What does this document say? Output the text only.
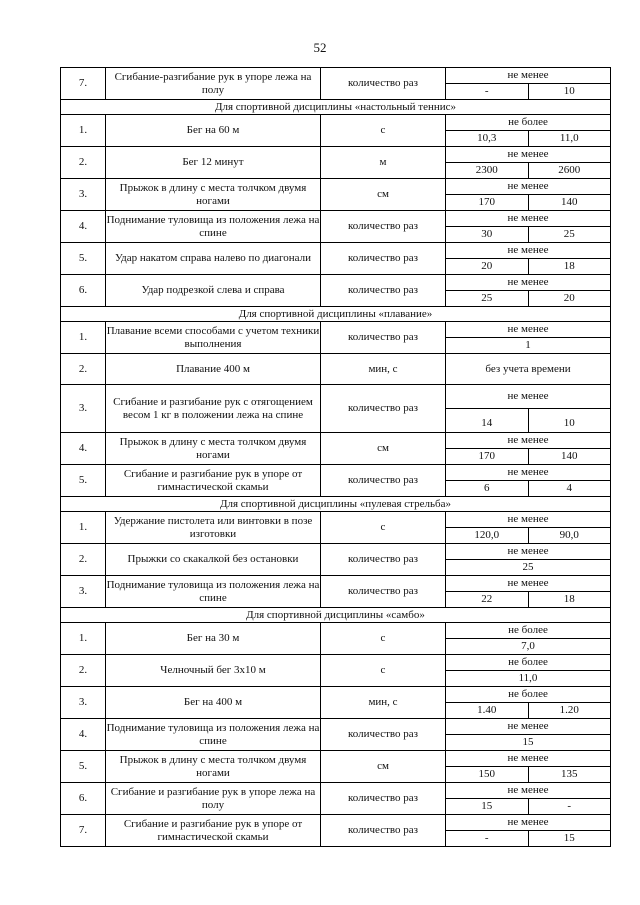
52
7.	Сгибание-разгибание рук в упоре лежа на полу	количество раз	не менее
- 10

Для спортивной дисциплины «настольный теннис»			
1.	Бег на 60 м	с	не более
10,3 11,0

2.	Бег 12 минут	м	не менее
2300 2600

3.	Прыжок в длину с места толчком двумя ногами	см	не менее
170 140

4.	Поднимание туловища из положения лежа на спине	количество раз	не менее
30 25

5.	Удар накатом справа налево по диагонали	количество раз	не менее
20 18

6.	Удар подрезкой слева и справа	количество раз	не менее
25 20

Для спортивной дисциплины «плавание»			
1.	Плавание всеми способами с учетом техники выполнения	количество раз	не менее
1

2.	Плавание 400 м	мин, с	без учета времени

3.	Сгибание и разгибание рук с отягощением весом 1 кг в положении лежа на спине	количество раз	не менее
14 10

4.	Прыжок в длину с места толчком двумя ногами	см	не менее
170 140

5.	Сгибание и разгибание рук в упоре от гимнастической скамьи	количество раз	не менее
6 4

Для спортивной дисциплины «пулевая стрельба»			
1.	Удержание пистолета или винтовки в позе изготовки	с	не менее
120,0 90,0

2.	Прыжки со скакалкой без остановки	количество раз	не менее
25

3.	Поднимание туловища из положения лежа на спине	количество раз	не менее
22 18

Для спортивной дисциплины «самбо»			
1.	Бег на 30 м	с	не более
7,0

2.	Челночный бег 3х10 м	с	не более
11,0

3.	Бег на 400 м	мин, с	не более
1.40 1.20

4.	Поднимание туловища из положения лежа на спине	количество раз	не менее
15

5.	Прыжок в длину с места толчком двумя ногами	см	не менее
150 135

6.	Сгибание и разгибание рук в упоре лежа на полу	количество раз	не менее
15 -

7.	Сгибание и разгибание рук в упоре от гимнастической скамьи	количество раз	не менее
- 15
